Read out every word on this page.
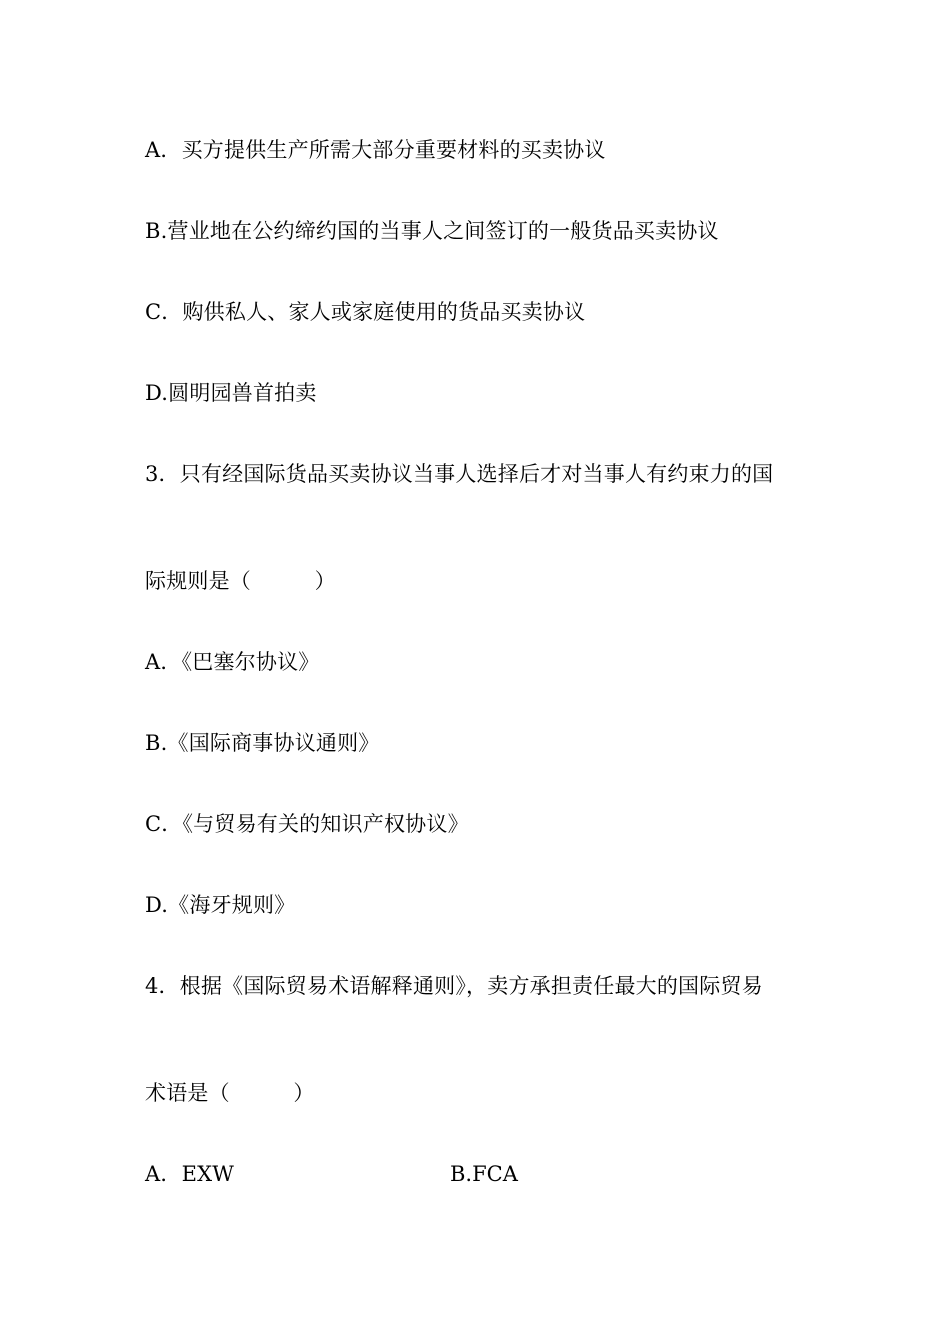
A．买方提供生产所需大部分重要材料的买卖协议
B.营业地在公约缔约国的当事人之间签订的一般货品买卖协议
C．购供私人、家人或家庭使用的货品买卖协议
D.圆明园兽首拍卖
3．只有经国际货品买卖协议当事人选择后才对当事人有约束力的国
际规则是（　　　）
A．《巴塞尔协议》
B.《国际商事协议通则》
C．《与贸易有关的知识产权协议》
D.《海牙规则》
4．根据《国际贸易术语解释通则》，卖方承担责任最大的国际贸易
术语是（　　　）
A．EXW	B.FCA
